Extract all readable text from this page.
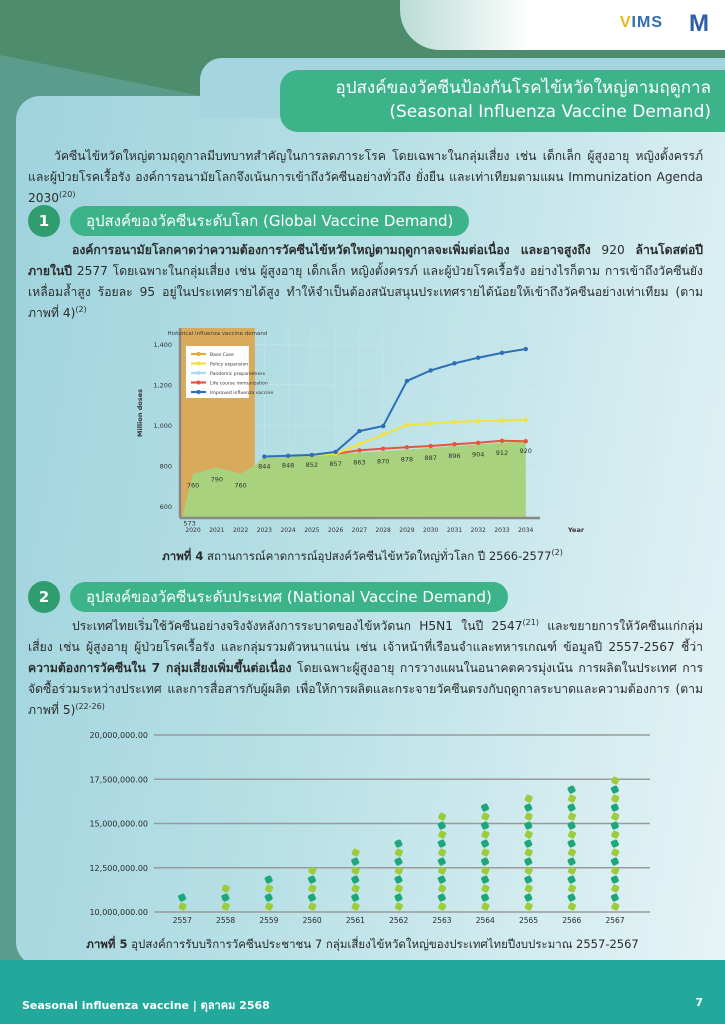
VIMS M
อุปสงค์ของวัคซีนป้องกันโรคไข้หวัดใหญ่ตามฤดูกาล
(Seasonal Influenza Vaccine Demand)
วัคซีนไข้หวัดใหญ่ตามฤดูกาลมีบทบาทสำคัญในการลดภาระโรค โดยเฉพาะในกลุ่มเสี่ยง เช่น เด็กเล็ก ผู้สูงอายุ หญิงตั้งครรภ์ และผู้ป่วยโรคเรื้อรัง องค์การอนามัยโลกจึงเน้นการเข้าถึงวัคซีนอย่างทั่วถึง ยั่งยืน และเท่าเทียมตามแผน Immunization Agenda 2030$^{(20)}$
1	อุปสงค์ของวัคซีนระดับโลก (Global Vaccine Demand)
องค์การอนามัยโลกคาดว่าความต้องการวัคซีนไข้หวัดใหญ่ตามฤดูกาลจะเพิ่มต่อเนื่อง และอาจสูงถึง 920 ล้านโดสต่อปี ภายในปี 2577 โดยเฉพาะในกลุ่มเสี่ยง เช่น ผู้สูงอายุ เด็กเล็ก หญิงตั้งครรภ์ และผู้ป่วยโรคเรื้อรัง อย่างไรก็ตาม การเข้าถึงวัคซีนยังเหลื่อมล้ำสูง ร้อยละ 95 อยู่ในประเทศรายได้สูง ทำให้จำเป็นต้องสนับสนุนประเทศรายได้น้อยให้เข้าถึงวัคซีนอย่างเท่าเทียม (ตามภาพที่ 4)$^{(2)}$
600
800
1,000
1,200
1,400
573
760
790
760
844 848 852 857 863 870 878 887 896 904 912 920
2020 2021 2022 2023 2024 2025 2026 2027 2028 2029 2030 2031 2032 2033 2034	Year
Million doses
Historical influenza vaccine demand
Base Case
Policy expansion
Pandemic preparedness
Life course immunization
Improved influenza vaccine
ภาพที่ 4 สถานการณ์คาดการณ์อุปสงค์วัคซีนไข้หวัดใหญ่ทั่วโลก ปี 2566-2577$^{(2)}$
2	อุปสงค์ของวัคซีนระดับประเทศ (National Vaccine Demand)
ประเทศไทยเริ่มใช้วัคซีนอย่างจริงจังหลังการระบาดของไข้หวัดนก H5N1 ในปี 2547$^{(21)}$ และขยายการให้วัคซีนแก่กลุ่มเสี่ยง เช่น ผู้สูงอายุ ผู้ป่วยโรคเรื้อรัง และกลุ่มรวมตัวหนาแน่น เช่น เจ้าหน้าที่เรือนจำและทหารเกณฑ์ ข้อมูลปี 2557-2567 ชี้ว่า ความต้องการวัคซีนใน 7 กลุ่มเสี่ยงเพิ่มขึ้นต่อเนื่อง โดยเฉพาะผู้สูงอายุ การวางแผนในอนาคตควรมุ่งเน้น การผลิตในประเทศ การจัดซื้อร่วมระหว่างประเทศ และการสื่อสารกับผู้ผลิต เพื่อให้การผลิตและกระจายวัคซีนตรงกับฤดูกาลระบาดและความต้องการ (ตามภาพที่ 5)$^{(22-26)}$
10,000,000.00
12,500,000.00
15,000,000.00
17,500,000.00
20,000,000.00
2557	2558	2559	2560	2561	2562	2563	2564	2565	2566	2567
ภาพที่ 5 อุปสงค์การรับบริการวัคซีนประชาชน 7 กลุ่มเสี่ยงไข้หวัดใหญ่ของประเทศไทยปีงบประมาณ 2557-2567
Seasonal influenza vaccine | ตุลาคม 2568	7
